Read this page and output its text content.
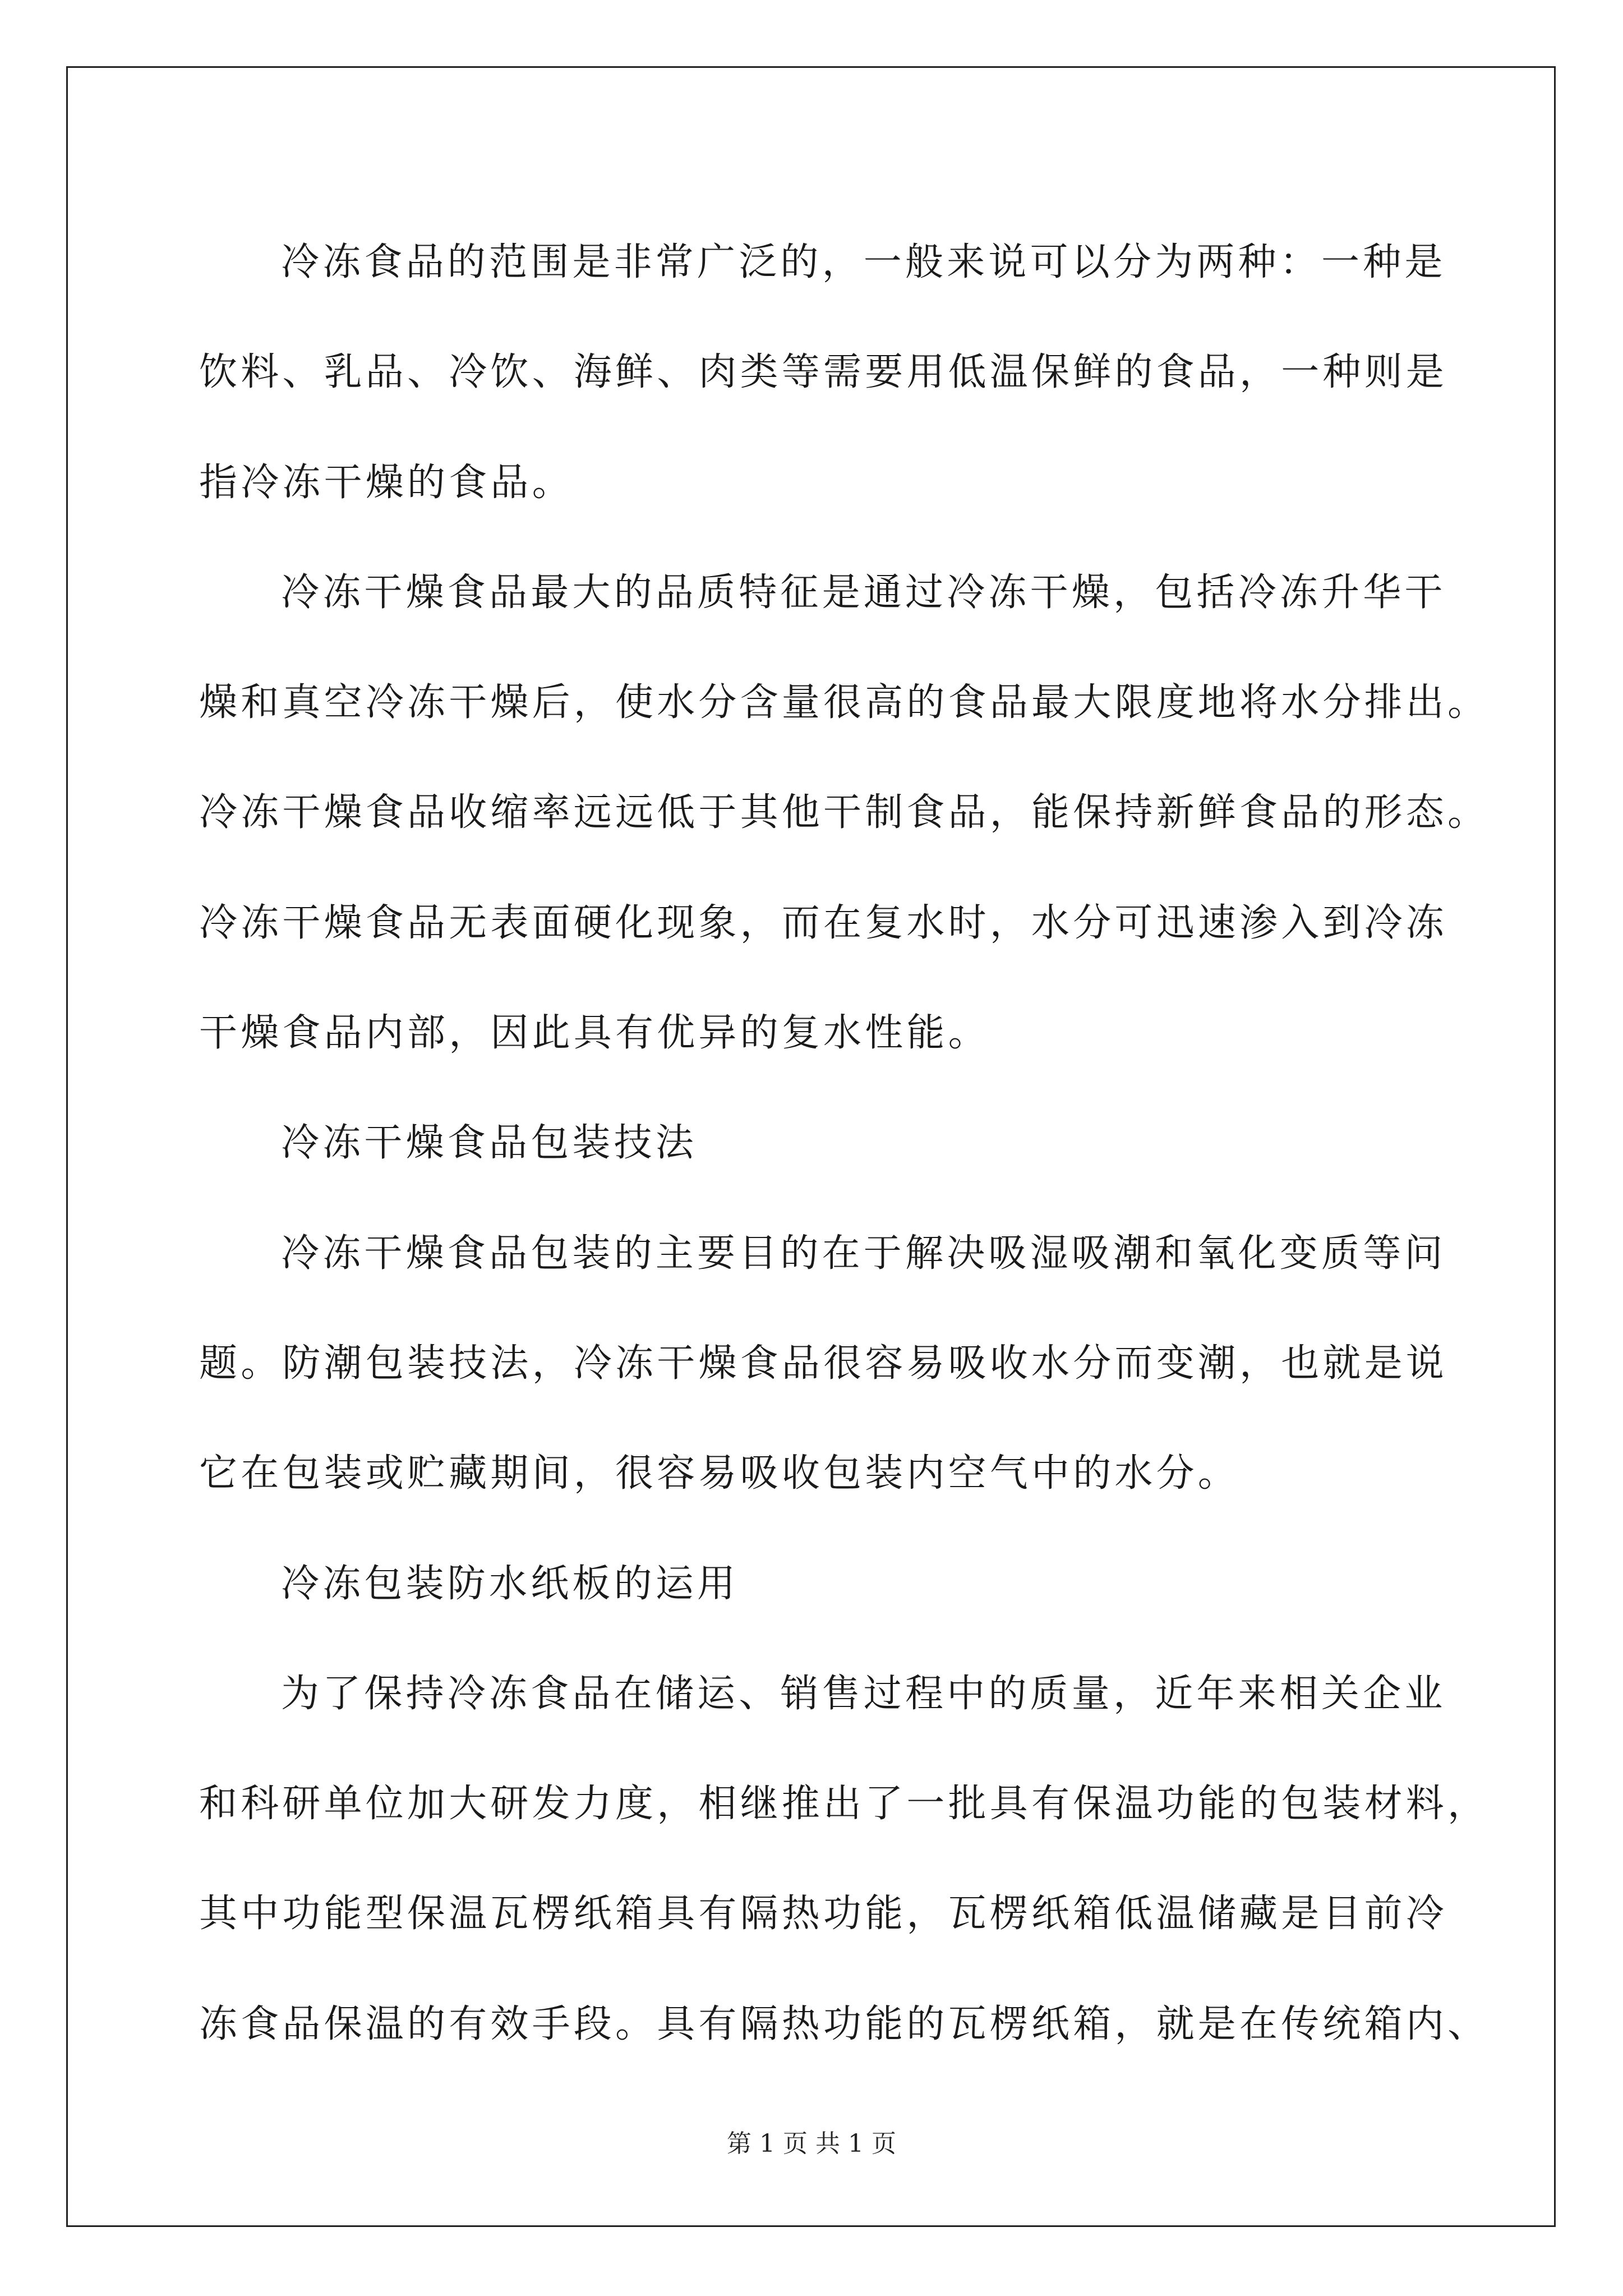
冷冻食品的范围是非常广泛的，一般来说可以分为两种：一种是
饮料、乳品、冷饮、海鲜、肉类等需要用低温保鲜的食品，一种则是
指冷冻干燥的食品。
冷冻干燥食品最大的品质特征是通过冷冻干燥，包括冷冻升华干
燥和真空冷冻干燥后，使水分含量很高的食品最大限度地将水分排出。
冷冻干燥食品收缩率远远低于其他干制食品，能保持新鲜食品的形态。
冷冻干燥食品无表面硬化现象，而在复水时，水分可迅速渗入到冷冻
干燥食品内部，因此具有优异的复水性能。
冷冻干燥食品包装技法
冷冻干燥食品包装的主要目的在于解决吸湿吸潮和氧化变质等问
题。防潮包装技法，冷冻干燥食品很容易吸收水分而变潮，也就是说
它在包装或贮藏期间，很容易吸收包装内空气中的水分。
冷冻包装防水纸板的运用
为了保持冷冻食品在储运、销售过程中的质量，近年来相关企业
和科研单位加大研发力度，相继推出了一批具有保温功能的包装材料，
其中功能型保温瓦楞纸箱具有隔热功能，瓦楞纸箱低温储藏是目前冷
冻食品保温的有效手段。具有隔热功能的瓦楞纸箱，就是在传统箱内、
第 1 页 共 1 页
